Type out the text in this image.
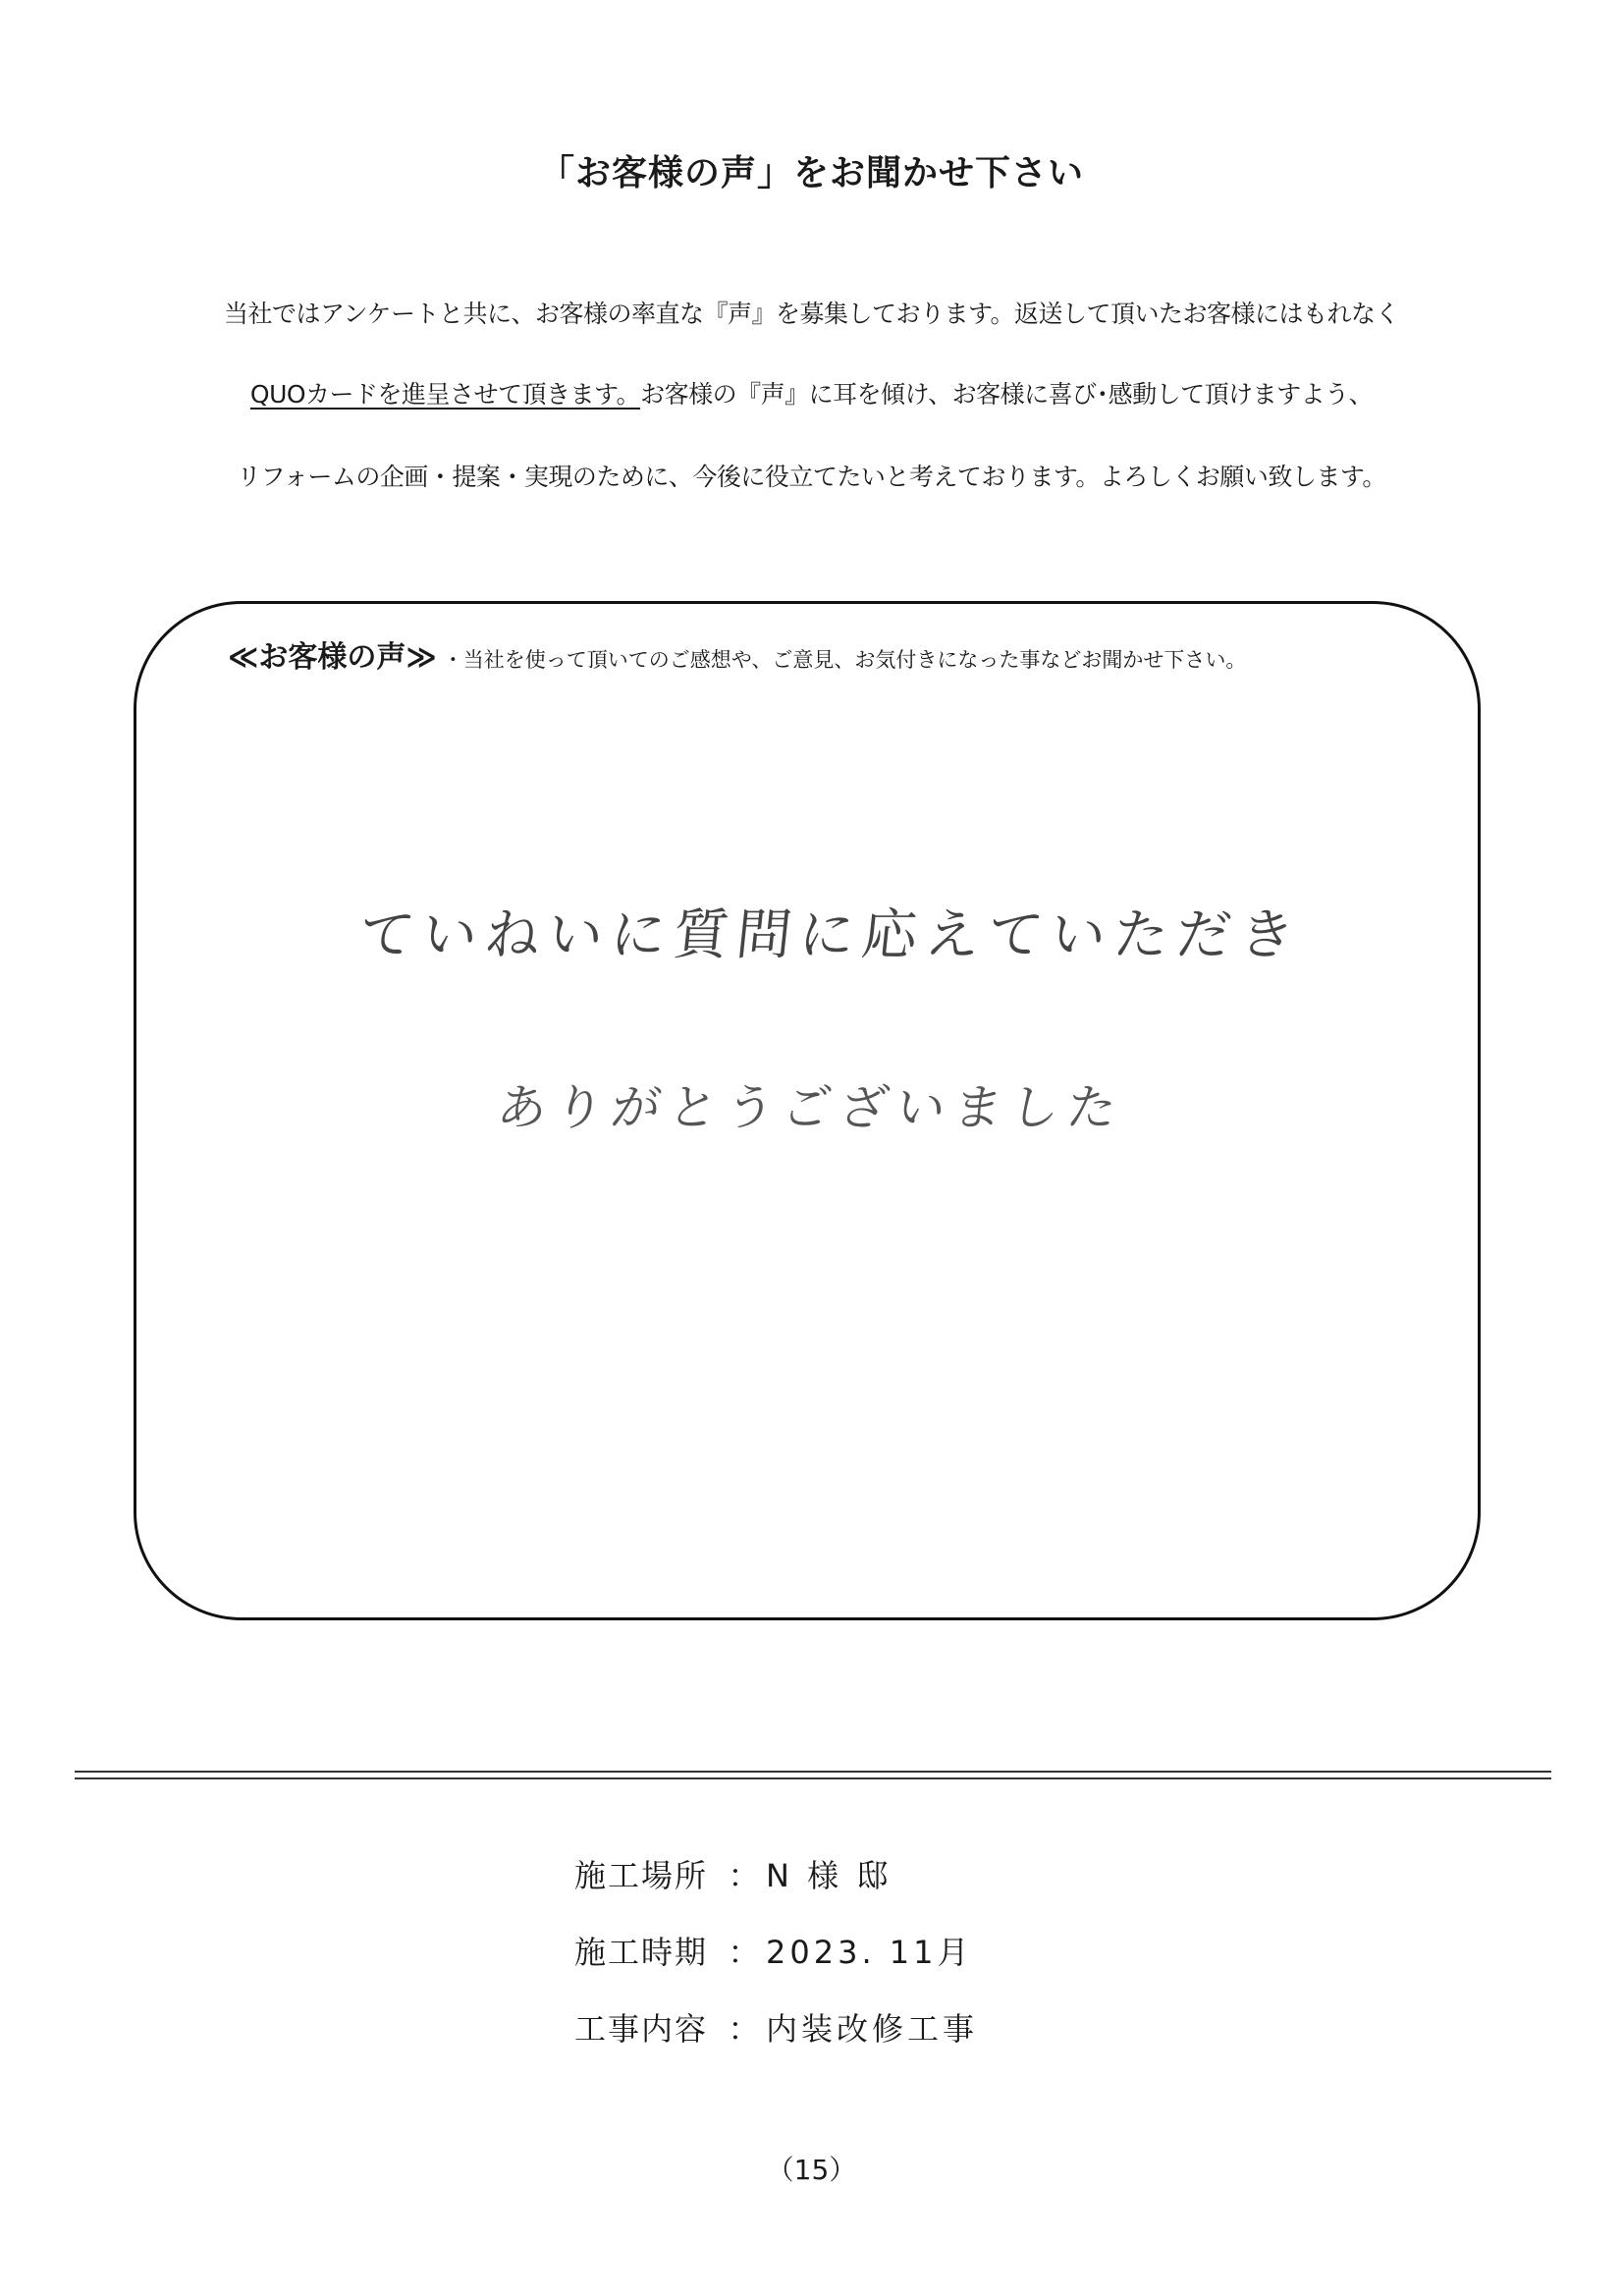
「お客様の声」をお聞かせ下さい
当社ではアンケートと共に、お客様の率直な『声』を募集しております。返送して頂いたお客様にはもれなく
QUOカードを進呈させて頂きます。お客様の『声』に耳を傾け、お客様に喜び･感動して頂けますよう、
リフォームの企画・提案・実現のために、今後に役立てたいと考えております。よろしくお願い致します。
≪お客様の声≫ ・当社を使って頂いてのご感想や、ご意見、お気付きになった事などお聞かせ下さい。
ていねいに質問に応えていただき
ありがとうございました
施工場所 ： N 様 邸
施工時期 ： 2023. 11月
工事内容 ： 内装改修工事
（15）
